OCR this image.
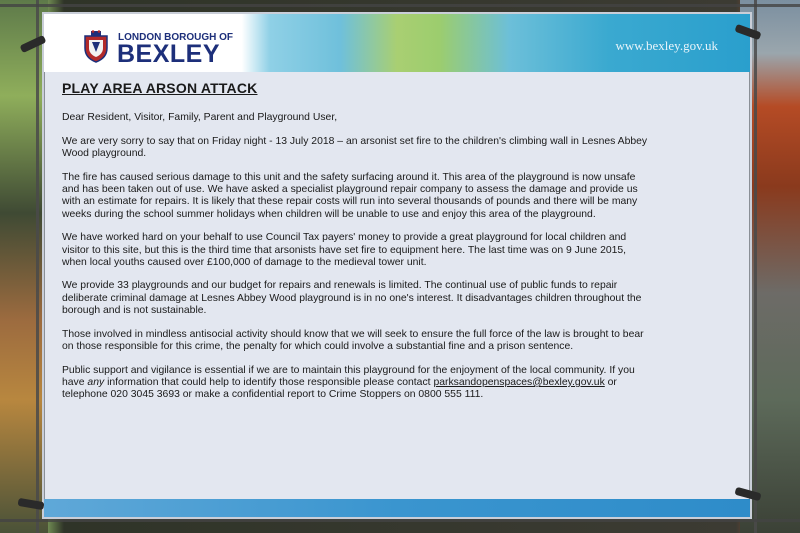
LONDON BOROUGH OF
BEXLEY	www.bexley.gov.uk
PLAY AREA ARSON ATTACK

Dear Resident, Visitor, Family, Parent and Playground User,

We are very sorry to say that on Friday night - 13 July 2018 – an arsonist set fire to the children's climbing wall in Lesnes Abbey Wood playground.

The fire has caused serious damage to this unit and the safety surfacing around it. This area of the playground is now unsafe and has been taken out of use. We have asked a specialist playground repair company to assess the damage and provide us with an estimate for repairs. It is likely that these repair costs will run into several thousands of pounds and there will be many weeks during the school summer holidays when children will be unable to use and enjoy this area of the playground.

We have worked hard on your behalf to use Council Tax payers' money to provide a great playground for local children and visitor to this site, but this is the third time that arsonists have set fire to equipment here. The last time was on 9 June 2015, when local youths caused over £100,000 of damage to the medieval tower unit.

We provide 33 playgrounds and our budget for repairs and renewals is limited. The continual use of public funds to repair deliberate criminal damage at Lesnes Abbey Wood playground is in no one's interest. It disadvantages children throughout the borough and is not sustainable.

Those involved in mindless antisocial activity should know that we will seek to ensure the full force of the law is brought to bear on those responsible for this crime, the penalty for which could involve a substantial fine and a prison sentence.

Public support and vigilance is essential if we are to maintain this playground for the enjoyment of the local community. If you have any information that could help to identify those responsible please contact parksandopenspaces@bexley.gov.uk or telephone 020 3045 3693 or make a confidential report to Crime Stoppers on 0800 555 111.
